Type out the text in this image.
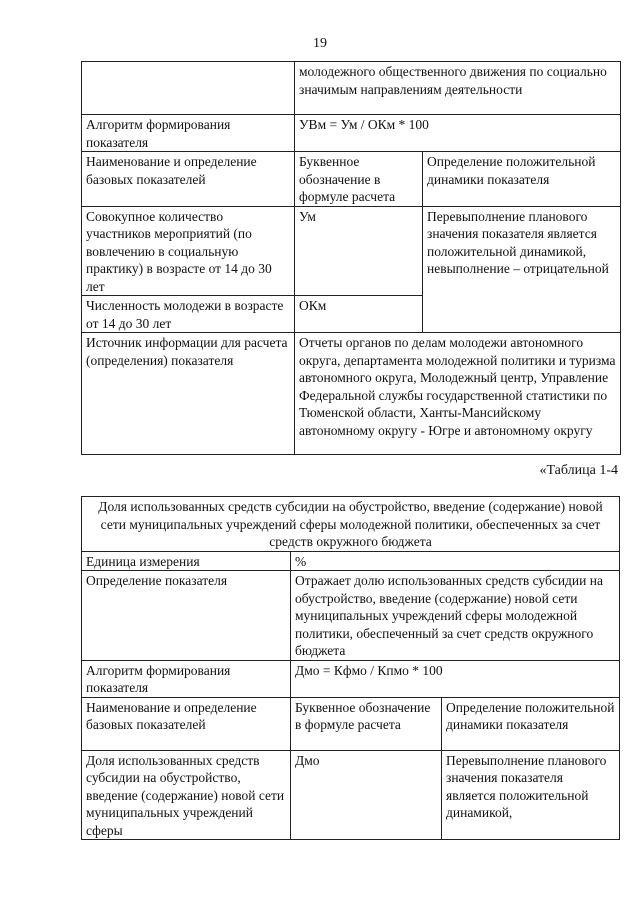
19
	молодежного общественного движения по социально значимым направлениям деятельности	
Алгоритм формирования показателя	УВм = Ум / ОКм * 100	
Наименование и определение базовых показателей	Буквенное обозначение в формуле расчета	Определение положительной динамики показателя
Совокупное количество участников мероприятий (по вовлечению в социальную практику) в возрасте от 14 до 30 лет	Ум	Перевыполнение планового значения показателя является положительной динамикой, невыполнение – отрицательной
Численность молодежи в возрасте от 14 до 30 лет	ОКм	
Источник информации для расчета (определения) показателя	Отчеты органов по делам молодежи автономного округа, департамента молодежной политики и туризма автономного округа, Молодежный центр, Управление Федеральной службы государственной статистики по Тюменской области, Ханты-Мансийскому автономному округу - Югре и автономному округу	
«Таблица 1-4
Доля использованных средств субсидии на обустройство, введение (содержание) новой сети муниципальных учреждений сферы молодежной политики, обеспеченных за счет средств окружного бюджета		
Единица измерения	%	
Определение показателя	Отражает долю использованных средств субсидии на обустройство, введение (содержание) новой сети муниципальных учреждений сферы молодежной политики, обеспеченный за счет средств окружного бюджета	
Алгоритм формирования показателя	Дмо = Кфмо / Кпмо * 100	
Наименование и определение базовых показателей	Буквенное обозначение в формуле расчета	Определение положительной динамики показателя
Доля использованных средств субсидии на обустройство, введение (содержание) новой сети муниципальных учреждений сферы	Дмо	Перевыполнение планового значения показателя является положительной динамикой,
